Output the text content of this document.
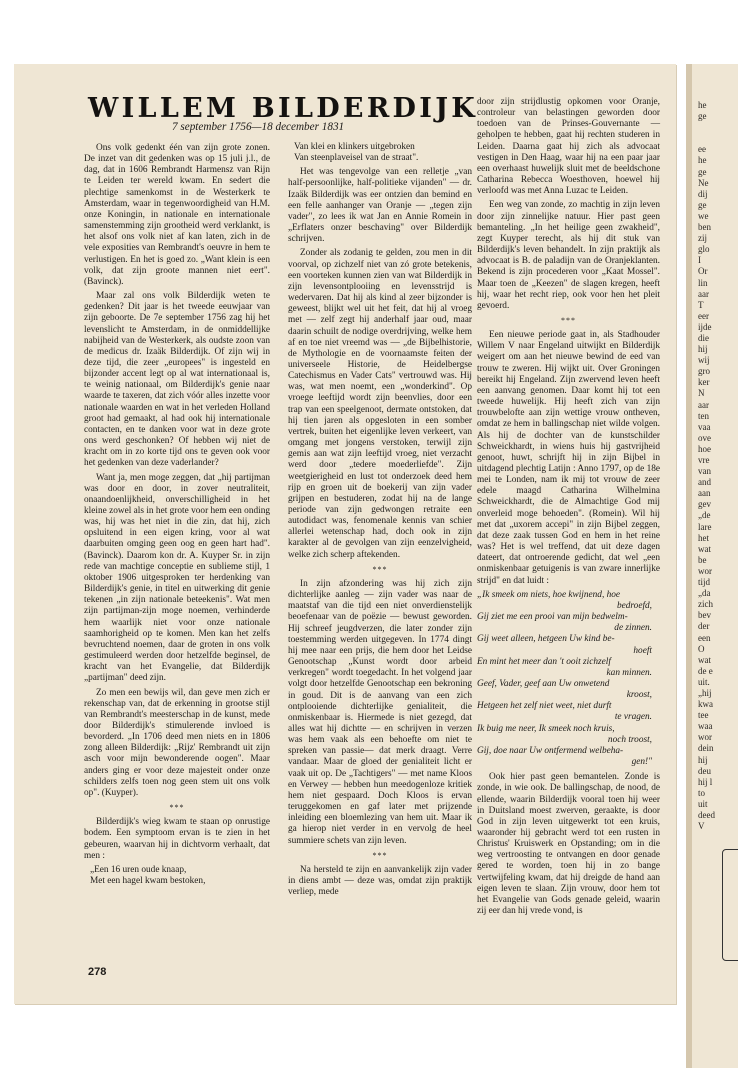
he
ge

ee
he
ge
Ne
dij
ge
we
ben
zij
glo
I
Or
lin
aar
T
eer
ijde
die
hij
wij
gro
ker
N
aar
ten
vaa
ove
hoe
vre
van
and
aan
gev
„de
lare
het
wat
be
wor
tijd
„da
zich
bev
der
een
O
wat
de e
uit.
„hij
kwa
tee
waa
wor
dein
hij
deu
hij l
to
uit
deed
V
WILLEM BILDERDIJK
7 september 1756—18 december 1831

Ons volk gedenkt één van zijn grote zonen. De inzet van dit gedenken was op 15 juli j.l., de dag, dat in 1606 Rembrandt Harmensz van Rijn te Leiden ter wereld kwam. En sedert die plechtige samenkomst in de Westerkerk te Amsterdam, waar in tegenwoordigheid van H.M. onze Koningin, in nationale en internationale samenstemming zijn grootheid werd verklankt, is het alsof ons volk niet af kan laten, zich in de vele exposities van Rembrandt's oeuvre in hem te verlustigen. En het is goed zo. „Want klein is een volk, dat zijn groote mannen niet eert". (Bavinck).

Maar zal ons volk Bilderdijk weten te gedenken? Dit jaar is het tweede eeuwjaar van zijn geboorte. De 7e september 1756 zag hij het levenslicht te Amsterdam, in de onmiddellijke nabijheid van de Westerkerk, als oudste zoon van de medicus dr. Izaäk Bilderdijk. Of zijn wij in deze tijd, die zeer „europees" is ingesteld en bijzonder accent legt op al wat internationaal is, te weinig nationaal, om Bilderdijk's genie naar waarde te taxeren, dat zich vóór alles inzette voor nationale waarden en wat in het verleden Holland groot had gemaakt, al had ook hij internationale contacten, en te danken voor wat in deze grote ons werd geschonken? Of hebben wij niet de kracht om in zo korte tijd ons te geven ook voor het gedenken van deze vaderlander?

Want ja, men moge zeggen, dat „hij partijman was door en door, in zover neutraliteit, onaandoenlijkheid, onverschilligheid in het kleine zowel als in het grote voor hem een onding was, hij was het niet in die zin, dat hij, zich opsluitend in een eigen kring, voor al wat daarbuiten omging geen oog en geen hart had". (Bavinck). Daarom kon dr. A. Kuyper Sr. in zijn rede van machtige conceptie en sublieme stijl, 1 oktober 1906 uitgesproken ter herdenking van Bilderdijk's genie, in titel en uitwerking dit genie tekenen „in zijn nationale beteekenis". Wat men zijn partijman-zijn moge noemen, verhinderde hem waarlijk niet voor onze nationale saamhorigheid op te komen. Men kan het zelfs bevruchtend noemen, daar de groten in ons volk gestimuleerd werden door hetzelfde beginsel, de kracht van het Evangelie, dat Bilderdijk „partijman" deed zijn.

Zo men een bewijs wil, dan geve men zich er rekenschap van, dat de erkenning in grootse stijl van Rembrandt's meesterschap in de kunst, mede door Bilderdijk's stimulerende invloed is bevorderd. „In 1706 deed men niets en in 1806 zong alleen Bilderdijk: „Rijz' Rembrandt uit zijn asch voor mijn bewonderende oogen". Maar anders ging er voor deze majesteit onder onze schilders zelfs toen nog geen stem uit ons volk op". (Kuyper).

***

Bilderdijk's wieg kwam te staan op onrustige bodem. Een symptoom ervan is te zien in het gebeuren, waarvan hij in dichtvorm verhaalt, dat men :

„Een 16 uren oude knaap,
Met een hagel kwam bestoken,
Van klei en klinkers uitgebroken
Van steenplaveisel van de straat".

Het was tengevolge van een relletje „van half-persoonlijke, half-politieke vijanden" — dr. Izaäk Bilderdijk was eer ontzien dan bemind en een felle aanhanger van Oranje — „tegen zijn vader", zo lees ik wat Jan en Annie Romein in „Erflaters onzer beschaving" over Bilderdijk schrijven.

Zonder als zodanig te gelden, zou men in dit voorval, op zichzelf niet van zó grote betekenis, een voorteken kunnen zien van wat Bilderdijk in zijn levensontplooiing en levensstrijd is wedervaren. Dat hij als kind al zeer bijzonder is geweest, blijkt wel uit het feit, dat hij al vroeg met — zelf zegt hij anderhalf jaar oud, maar daarin schuilt de nodige overdrijving, welke hem af en toe niet vreemd was — „de Bijbelhistorie, de Mythologie en de voornaamste feiten der universeele Historie, de Heidelbergse Catechismus en Vader Cats" vertrouwd was. Hij was, wat men noemt, een „wonderkind". Op vroege leeftijd wordt zijn beenvlies, door een trap van een speelgenoot, dermate ontstoken, dat hij tien jaren als opgesloten in een somber vertrek, buiten het eigenlijke leven verkeert, van omgang met jongens verstoken, terwijl zijn gemis aan wat zijn leeftijd vroeg, niet verzacht werd door „tedere moederliefde". Zijn weetgierigheid en lust tot onderzoek deed hem rijp en groen uit de boekerij van zijn vader grijpen en bestuderen, zodat hij na de lange periode van zijn gedwongen retraite een autodidact was, fenomenale kennis van schier allerlei wetenschap had, doch ook in zijn karakter al de gevolgen van zijn eenzelvigheid, welke zich scherp aftekenden.

***

In zijn afzondering was hij zich zijn dichterlijke aanleg — zijn vader was naar de maatstaf van die tijd een niet onverdienstelijk beoefenaar van de poëzie — bewust geworden. Hij schreef jeugdverzen, die later zonder zijn toestemming werden uitgegeven. In 1774 dingt hij mee naar een prijs, die hem door het Leidse Genootschap „Kunst wordt door arbeid verkregen" wordt toegedacht. In het volgend jaar volgt door hetzelfde Genootschap een bekroning in goud. Dit is de aanvang van een zich ontplooiende dichterlijke genialiteit, die onmiskenbaar is. Hiermede is niet gezegd, dat alles wat hij dichtte — en schrijven in verzen was hem vaak als een behoefte om niet te spreken van passie— dat merk draagt. Verre vandaar. Maar de gloed der genialiteit licht er vaak uit op. De „Tachtigers" — met name Kloos en Verwey — hebben hun meedogenloze kritiek hem niet gespaard. Doch Kloos is ervan teruggekomen en gaf later met prijzende inleiding een bloemlezing van hem uit. Maar ik ga hierop niet verder in en vervolg de heel summiere schets van zijn leven.

***

Na hersteld te zijn en aanvankelijk zijn vader in diens ambt — deze was, omdat zijn praktijk verliep, mede

door zijn strijdlustig opkomen voor Oranje, controleur van belastingen geworden door toedoen van de Prinses-Gouvernante — geholpen te hebben, gaat hij rechten studeren in Leiden. Daarna gaat hij zich als advocaat vestigen in Den Haag, waar hij na een paar jaar een overhaast huwelijk sluit met de beeldschone Catharina Rebecca Woesthoven, hoewel hij verloofd was met Anna Luzac te Leiden.

Een weg van zonde, zo machtig in zijn leven door zijn zinnelijke natuur. Hier past geen bemanteling. „In het heilige geen zwakheid", zegt Kuyper terecht, als hij dit stuk van Bilderdijk's leven behandelt. In zijn praktijk als advocaat is B. de paladijn van de Oranjeklanten. Bekend is zijn procederen voor „Kaat Mossel". Maar toen de „Keezen" de slagen kregen, heeft hij, waar het recht riep, ook voor hen het pleit gevoerd.

***

Een nieuwe periode gaat in, als Stadhouder Willem V naar Engeland uitwijkt en Bilderdijk weigert om aan het nieuwe bewind de eed van trouw te zweren. Hij wijkt uit. Over Groningen bereikt hij Engeland. Zijn zwervend leven heeft een aanvang genomen. Daar komt hij tot een tweede huwelijk. Hij heeft zich van zijn trouwbelofte aan zijn wettige vrouw ontheven, omdat ze hem in ballingschap niet wilde volgen. Als hij de dochter van de kunstschilder Schweickhardt, in wiens huis hij gastvrijheid genoot, huwt, schrijft hij in zijn Bijbel in uitdagend plechtig Latijn : Anno 1797, op de 18e mei te Londen, nam ik mij tot vrouw de zeer edele maagd Catharina Wilhelmina Schweickhardt, die de Almachtige God mij onverleid moge behoeden". (Romein). Wil hij met dat „uxorem accepi" in zijn Bijbel zeggen, dat deze zaak tussen God en hem in het reine was? Het is wel treffend, dat uit deze dagen dateert, dat ontroerende gedicht, dat wel „een onmiskenbaar getuigenis is van zware innerlijke strijd" en dat luidt :

„Ik smeek om niets, hoe kwijnend, hoe
bedroefd,
Gij ziet me een prooi van mijn bedwelm-
de zinnen.
Gij weet alleen, hetgeen Uw kind be-
hoeft
En mint het meer dan 't ooit zichzelf
kan minnen.
Geef, Vader, geef aan Uw onwetend
kroost,
Hetgeen het zelf niet weet, niet durft
te vragen.
Ik buig me neer, Ik smeek noch kruis,
noch troost,
Gij, doe naar Uw ontfermend welbeha-
gen!"

Ook hier past geen bemantelen. Zonde is zonde, in wie ook. De ballingschap, de nood, de ellende, waarin Bilderdijk vooral toen hij weer in Duitsland moest zwerven, geraakte, is door God in zijn leven uitgewerkt tot een kruis, waaronder hij gebracht werd tot een rusten in Christus' Kruiswerk en Opstanding; om in die weg vertroosting te ontvangen en door genade gered te worden, toen hij in zo bange vertwijfeling kwam, dat hij dreigde de hand aan eigen leven te slaan. Zijn vrouw, door hem tot het Evangelie van Gods genade geleid, waarin zij eer dan hij vrede vond, is

278
